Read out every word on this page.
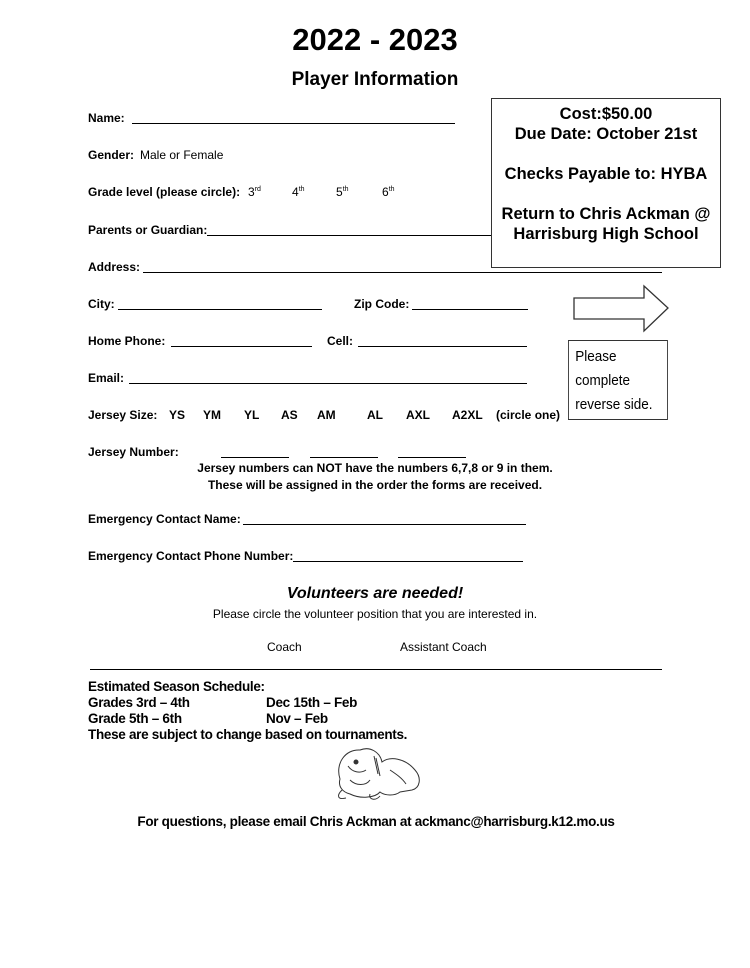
2022 - 2023
Player Information
Cost:$50.00
Due Date: October 21st
Checks Payable to: HYBA
Return to Chris Ackman @
Harrisburg High School
Please complete
reverse side.
Name:
Gender: Male or Female
Grade level (please circle): 3rd	4th	5th	6th
Parents or Guardian:
Address:
City:	Zip Code:
Home Phone:	Cell:
Email:
Jersey Size: YS YM YL AS AM	AL AXL A2XL (circle one)
Jersey Number:
Jersey numbers can NOT have the numbers 6,7,8 or 9 in them.
These will be assigned in the order the forms are received.
Emergency Contact Name:
Emergency Contact Phone Number:
Volunteers are needed!
Please circle the volunteer position that you are interested in.
Coach	Assistant Coach
Estimated Season Schedule:
Grades 3rd – 4th	Dec 15th – Feb
Grade 5th – 6th	Nov – Feb
These are subject to change based on tournaments.
For questions, please email Chris Ackman at ackmanc@harrisburg.k12.mo.us
